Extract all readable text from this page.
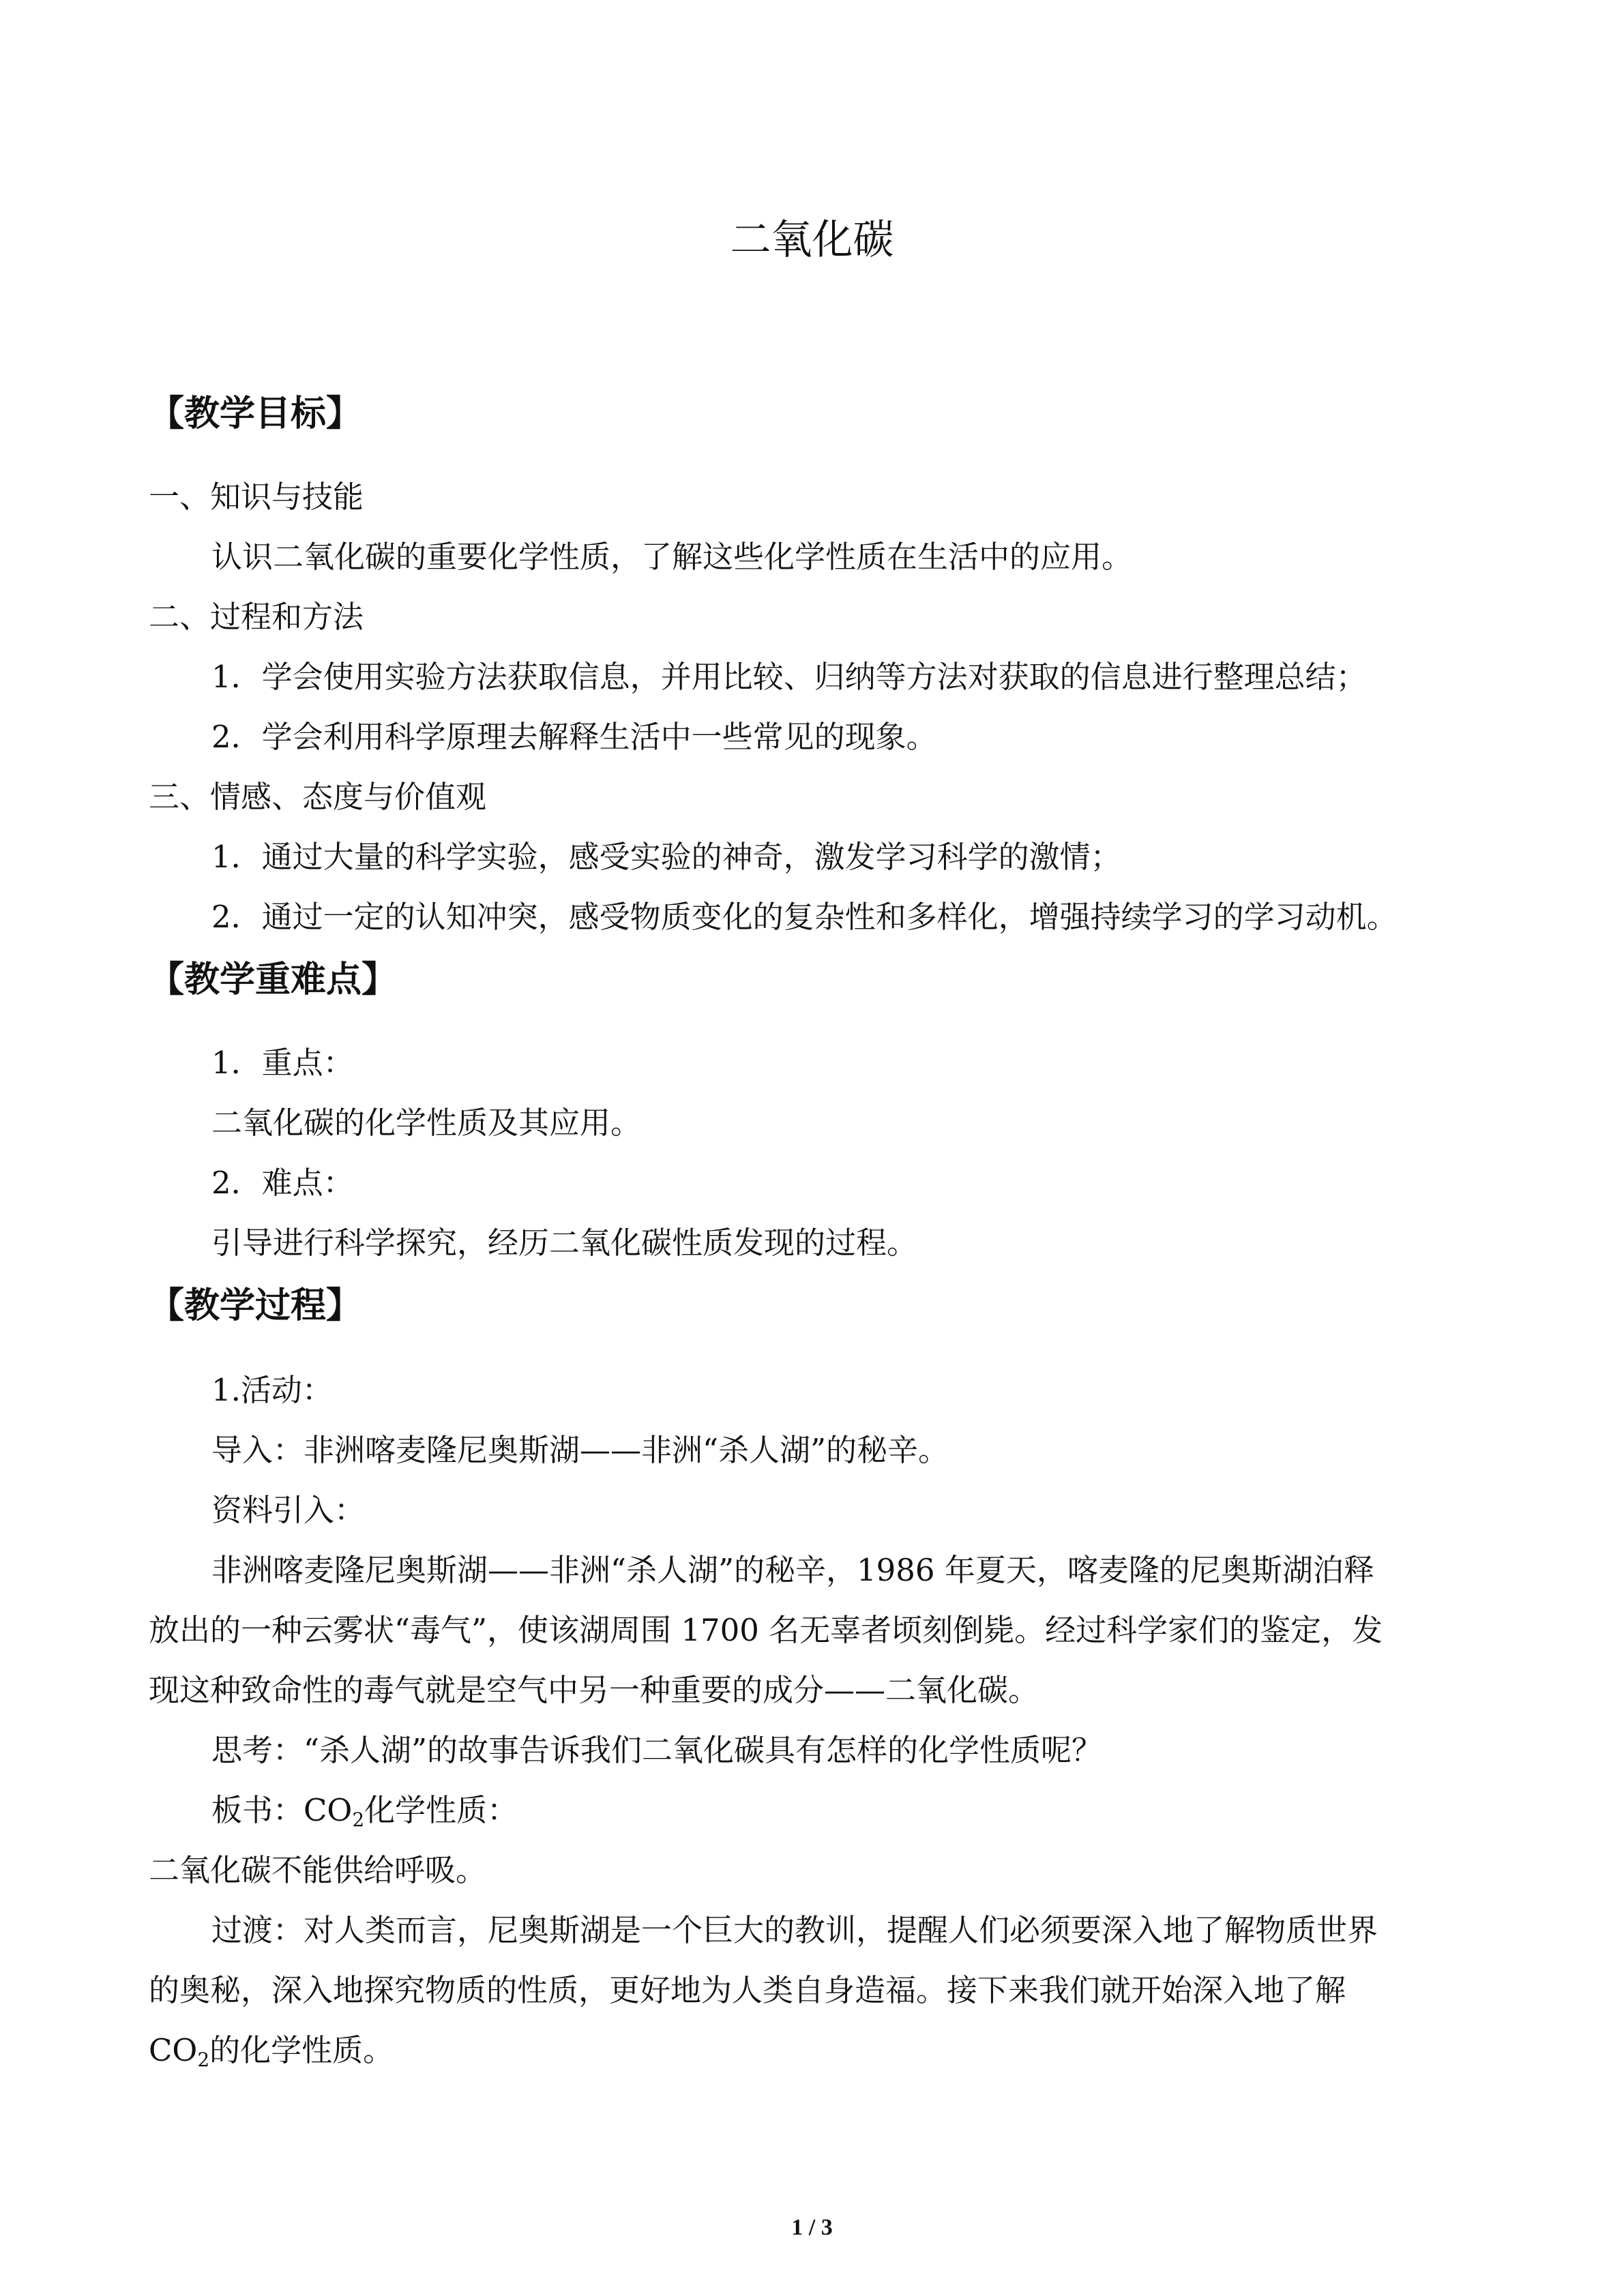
二氧化碳
【教学目标】

一、知识与技能

认识二氧化碳的重要化学性质，了解这些化学性质在生活中的应用。

二、过程和方法

1．学会使用实验方法获取信息，并用比较、归纳等方法对获取的信息进行整理总结；

2．学会利用科学原理去解释生活中一些常见的现象。

三、情感、态度与价值观

1．通过大量的科学实验，感受实验的神奇，激发学习科学的激情；

2．通过一定的认知冲突，感受物质变化的复杂性和多样化，增强持续学习的学习动机。

【教学重难点】

1．重点：

二氧化碳的化学性质及其应用。

2．难点：

引导进行科学探究，经历二氧化碳性质发现的过程。

【教学过程】

1.活动：

导入：非洲喀麦隆尼奥斯湖——非洲“杀人湖”的秘辛。

资料引入：

非洲喀麦隆尼奥斯湖——非洲“杀人湖”的秘辛，1986 年夏天，喀麦隆的尼奥斯湖泊释

放出的一种云雾状“毒气”，使该湖周围 1700 名无辜者顷刻倒毙。经过科学家们的鉴定，发

现这种致命性的毒气就是空气中另一种重要的成分——二氧化碳。

思考：“杀人湖”的故事告诉我们二氧化碳具有怎样的化学性质呢？

板书：$CO_2$化学性质：

二氧化碳不能供给呼吸。

过渡：对人类而言，尼奥斯湖是一个巨大的教训，提醒人们必须要深入地了解物质世界

的奥秘，深入地探究物质的性质，更好地为人类自身造福。接下来我们就开始深入地了解

$CO_2$的化学性质。

1 / 3
